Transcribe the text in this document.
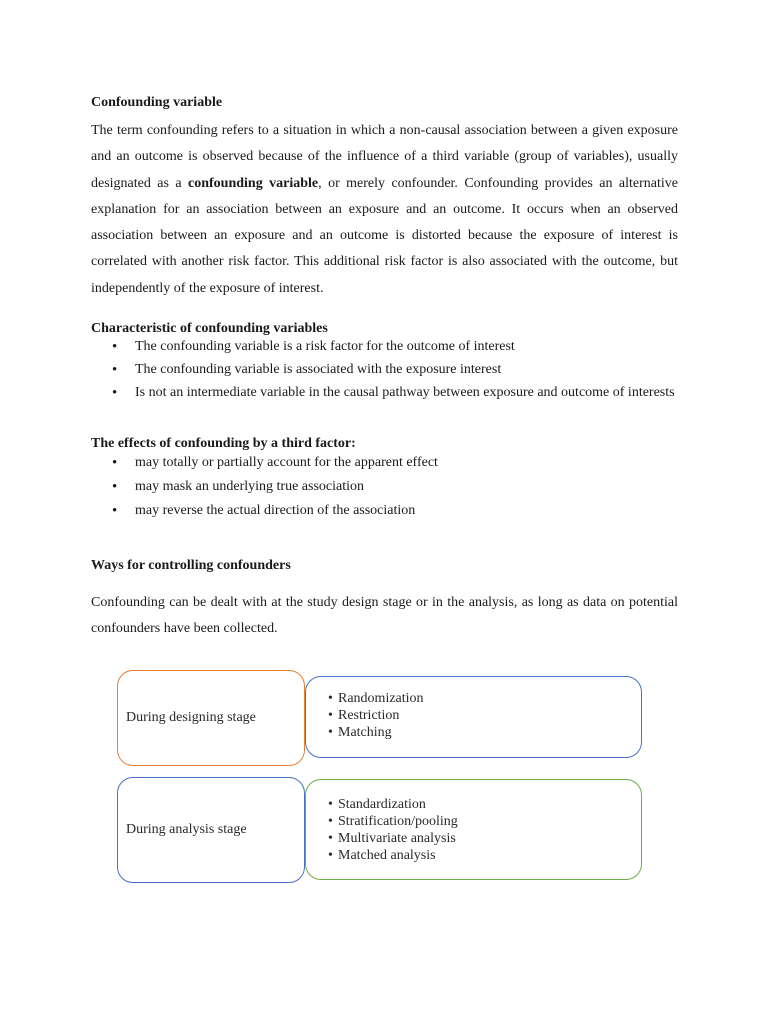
Confounding variable

The term confounding refers to a situation in which a non-causal association between a given exposure and an outcome is observed because of the influence of a third variable (group of variables), usually designated as a confounding variable, or merely confounder. Confounding provides an alternative explanation for an association between an exposure and an outcome. It occurs when an observed association between an exposure and an outcome is distorted because the exposure of interest is correlated with another risk factor. This additional risk factor is also associated with the outcome, but independently of the exposure of interest.

Characteristic of confounding variables
• The confounding variable is a risk factor for the outcome of interest
• The confounding variable is associated with the exposure interest
• Is not an intermediate variable in the causal pathway between exposure and outcome of interests
The effects of confounding by a third factor:
• may totally or partially account for the apparent effect
• may mask an underlying true association
• may reverse the actual direction of the association
Ways for controlling confounders

Confounding can be dealt with at the study design stage or in the analysis, as long as data on potential confounders have been collected.

During designing stage
• Randomization
• Restriction
• Matching
During analysis stage
• Standardization
• Stratification/pooling
• Multivariate analysis
• Matched analysis
